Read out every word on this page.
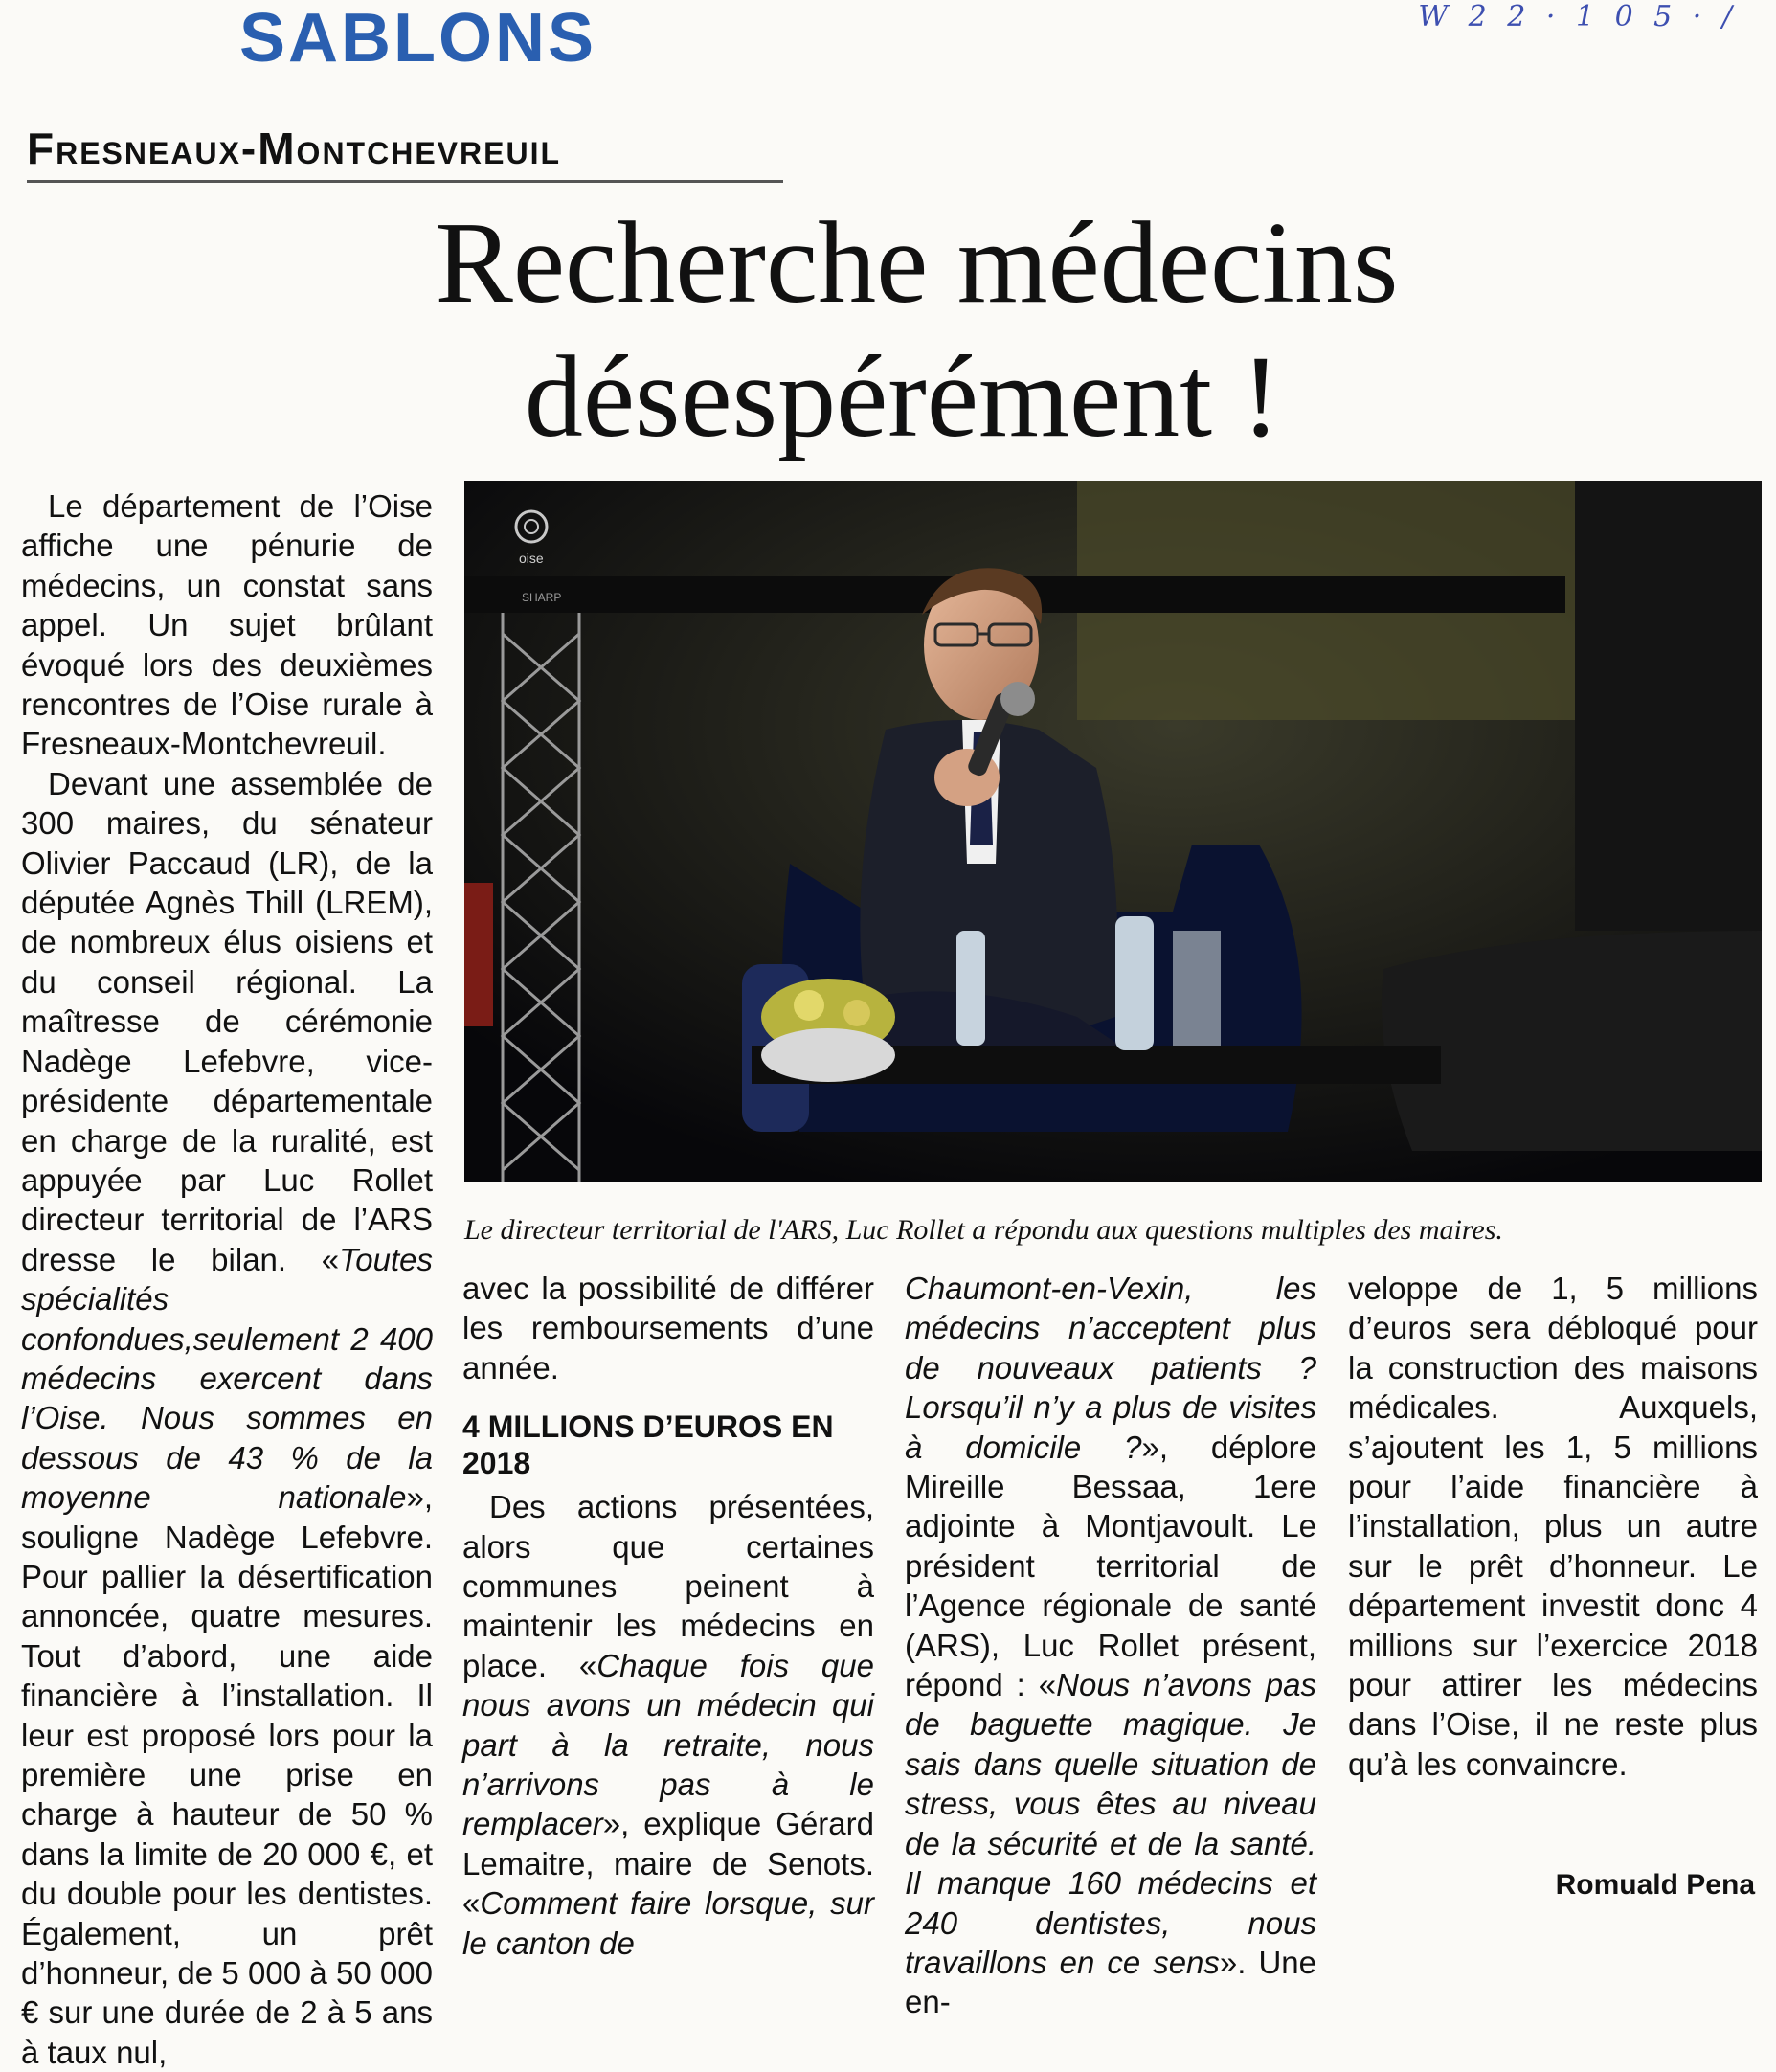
SABLONS	W 2 2 · 1 0 5 · /
Fresneaux-Montchevreuil
Recherche médecins
désespérément !
SHARP
oise
Le directeur territorial de l'ARS, Luc Rollet a répondu aux questions multiples des maires.

Le département de l’Oise affiche une pénurie de médecins, un constat sans appel. Un sujet brûlant évoqué lors des deuxièmes rencontres de l’Oise rurale à Fresneaux-Montchevreuil.

Devant une assemblée de 300 maires, du sénateur Olivier Paccaud (LR), de la députée Agnès Thill (LREM), de nombreux élus oisiens et du conseil régional. La maîtresse de cérémonie Nadège Lefebvre, vice-présidente départementale en charge de la ruralité, est appuyée par Luc Rollet directeur territorial de l’ARS dresse le bilan. «Toutes spécialités confondues,seulement 2 400 médecins exercent dans l’Oise. Nous sommes en dessous de 43 % de la moyenne nationale», souligne Nadège Lefebvre. Pour pallier la désertification annoncée, quatre mesures. Tout d’abord, une aide financière à l’installation. Il leur est proposé lors pour la première une prise en charge à hauteur de 50 % dans la limite de 20 000 €, et du double pour les dentistes. Également, un prêt d’honneur, de 5 000 à 50 000 € sur une durée de 2 à 5 ans à taux nul,

avec la possibilité de différer les remboursements d’une année.

4 MILLIONS D’EUROS EN 2018

Des actions présentées, alors que certaines communes peinent à maintenir les médecins en place. «Chaque fois que nous avons un médecin qui part à la retraite, nous n’arrivons pas à le remplacer», explique Gérard Lemaitre, maire de Senots. «Comment faire lorsque, sur le canton de

Chaumont-en-Vexin, les médecins n’acceptent plus de nouveaux patients ? Lorsqu’il n’y a plus de visites à domicile ?», déplore Mireille Bessaa, 1ere adjointe à Montjavoult. Le président territorial de l’Agence régionale de santé (ARS), Luc Rollet présent, répond : «Nous n’avons pas de baguette magique. Je sais dans quelle situation de stress, vous êtes au niveau de la sécurité et de la santé. Il manque 160 médecins et 240 dentistes, nous travaillons en ce sens». Une en-

veloppe de 1, 5 millions d’euros sera débloqué pour la construction des maisons médicales. Auxquels, s’ajoutent les 1, 5 millions pour l’aide financière à l’installation, plus un autre sur le prêt d’honneur. Le département investit donc 4 millions sur l’exercice 2018 pour attirer les médecins dans l’Oise, il ne reste plus qu’à les convaincre.

Romuald Pena
